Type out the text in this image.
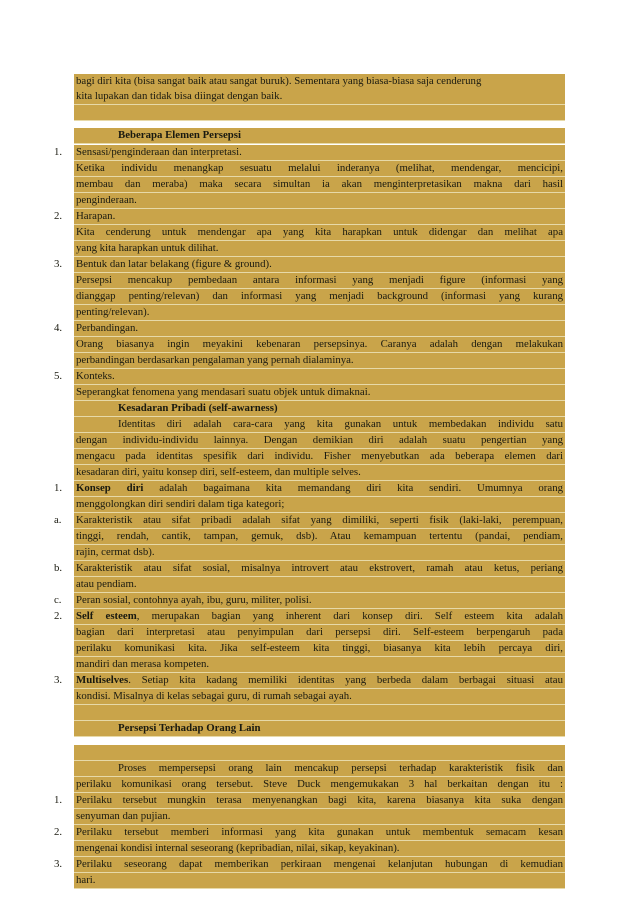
bagi diri kita (bisa sangat baik atau sangat buruk). Sementara yang biasa-biasa saja cenderung
kita lupakan dan tidak bisa diingat dengan baik.
Beberapa Elemen Persepsi
Sensasi/penginderaan dan interpretasi.
1.
Ketika individu menangkap sesuatu melalui inderanya (melihat, mendengar, mencicipi,
membau dan meraba) maka secara simultan ia akan menginterpretasikan makna dari hasil
penginderaan.
Harapan.
2.
Kita cenderung untuk mendengar apa yang kita harapkan untuk didengar dan melihat apa
yang kita harapkan untuk dilihat.
Bentuk dan latar belakang (figure & ground).
3.
Persepsi mencakup pembedaan antara informasi yang menjadi figure (informasi yang
dianggap penting/relevan) dan informasi yang menjadi background (informasi yang kurang
penting/relevan).
Perbandingan.
4.
Orang biasanya ingin meyakini kebenaran persepsinya. Caranya adalah dengan melakukan
perbandingan berdasarkan pengalaman yang pernah dialaminya.
Konteks.
5.
Seperangkat fenomena yang mendasari suatu objek untuk dimaknai.
Kesadaran Pribadi (self-awarness)
Identitas diri adalah cara-cara yang kita gunakan untuk membedakan individu satu
dengan individu-individu lainnya. Dengan demikian diri adalah suatu pengertian yang
mengacu pada identitas spesifik dari individu. Fisher menyebutkan ada beberapa elemen dari
kesadaran diri, yaitu konsep diri, self-esteem, dan multiple selves.
Konsep diri adalah bagaimana kita memandang diri kita sendiri. Umumnya orang
1.
menggolongkan diri sendiri dalam tiga kategori;
Karakteristik atau sifat pribadi adalah sifat yang dimiliki, seperti fisik (laki-laki, perempuan,
a.
tinggi, rendah, cantik, tampan, gemuk, dsb). Atau kemampuan tertentu (pandai, pendiam,
rajin, cermat dsb).
Karakteristik atau sifat sosial, misalnya introvert atau ekstrovert, ramah atau ketus, periang
b.
atau pendiam.
Peran sosial, contohnya ayah, ibu, guru, militer, polisi.
c.
Self esteem, merupakan bagian yang inherent dari konsep diri. Self esteem kita adalah
2.
bagian dari interpretasi atau penyimpulan dari persepsi diri. Self-esteem berpengaruh pada
perilaku komunikasi kita. Jika self-esteem kita tinggi, biasanya kita lebih percaya diri,
mandiri dan merasa kompeten.
Multiselves. Setiap kita kadang memiliki identitas yang berbeda dalam berbagai situasi atau
3.
kondisi. Misalnya di kelas sebagai guru, di rumah sebagai ayah.
Persepsi Terhadap Orang Lain
Proses mempersepsi orang lain mencakup persepsi terhadap karakteristik fisik dan
perilaku komunikasi orang tersebut. Steve Duck mengemukakan 3 hal berkaitan dengan itu :
Perilaku tersebut mungkin terasa menyenangkan bagi kita, karena biasanya kita suka dengan
1.
senyuman dan pujian.
Perilaku tersebut memberi informasi yang kita gunakan untuk membentuk semacam kesan
2.
mengenai kondisi internal seseorang (kepribadian, nilai, sikap, keyakinan).
Perilaku seseorang dapat memberikan perkiraan mengenai kelanjutan hubungan di kemudian
3.
hari.
